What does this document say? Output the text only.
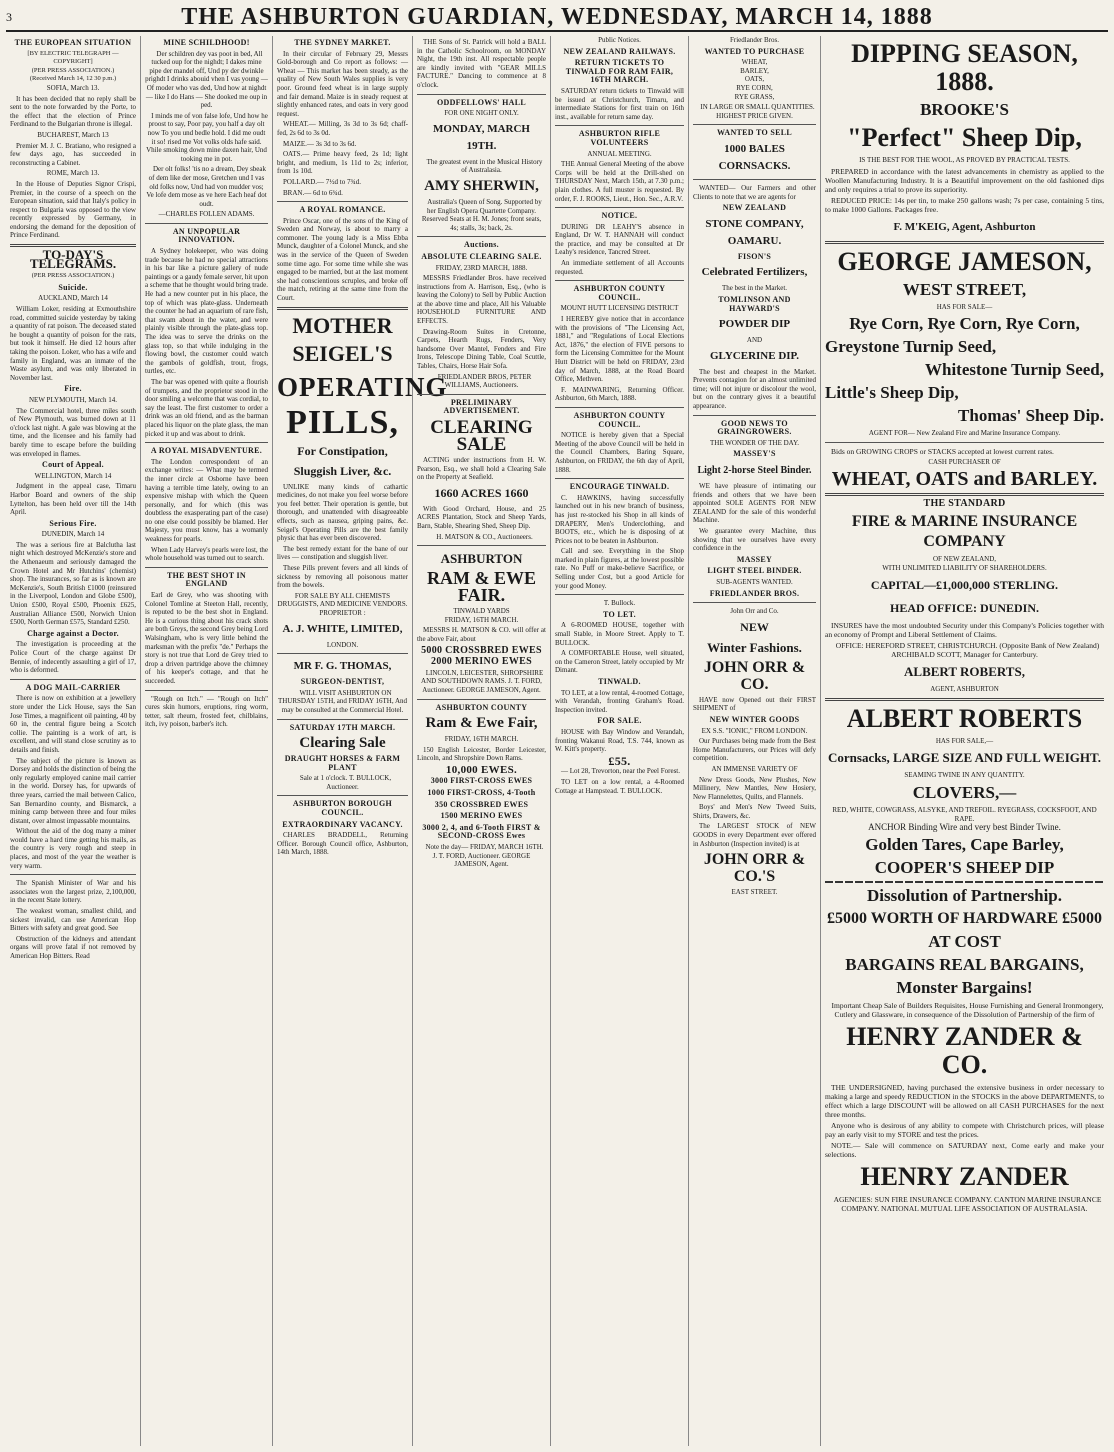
3	THE ASHBURTON GUARDIAN, WEDNESDAY, MARCH 14, 1888
THE EUROPEAN SITUATION
[BY ELECTRIC TELEGRAPH — COPYRIGHT]
(PER PRESS ASSOCIATION.)
(Received March 14, 12 30 p.m.)
SOFIA, March 13.

It has been decided that no reply shall be sent to the note forwarded by the Porte, to the effect that the election of Prince Ferdinand to the Bulgarian throne is illegal.

BUCHAREST, March 13

Premier M. J. C. Bratiano, who resigned a few days ago, has succeeded in reconstructing a Cabinet.

ROME, March 13.

In the House of Deputies Signor Crispi, Premier, in the course of a speech on the European situation, said that Italy's policy in respect to Bulgaria was opposed to the view recently expressed by Germany, in endorsing the demand for the deposition of Prince Ferdinand.

TO-DAY'S TELEGRAMS.
(PER PRESS ASSOCIATION.)
Suicide.
AUCKLAND, March 14

William Loker, residing at Exmouthshire road, committed suicide yesterday by taking a quantity of rat poison. The deceased stated he bought a quantity of poison for the rats, but took it himself. He died 12 hours after taking the poison. Loker, who has a wife and family in England, was an inmate of the Waste asylum, and was only liberated in November last.

Fire.
NEW PLYMOUTH, March 14.

The Commercial hotel, three miles south of New Plymouth, was burned down at 11 o'clock last night. A gale was blowing at the time, and the licensee and his family had barely time to escape before the building was enveloped in flames.

Court of Appeal.
WELLINGTON, March 14

Judgment in the appeal case, Timaru Harbor Board and owners of the ship Lyttelton, has been held over till the 14th April.

Serious Fire.
DUNEDIN, March 14

The was a serious fire at Balclutha last night which destroyed McKenzie's store and the Athenaeum and seriously damaged the Crown Hotel and Mr Hutchins' (chemist) shop. The insurances, so far as is known are McKenzie's, South British £1000 (reinsured in the Liverpool, London and Globe £500), Union £500, Royal £500, Phoenix £625, Australian Alliance £500, Norwich Union £500, North German £575, Standard £250.

Charge against a Doctor.

The investigation is proceeding at the Police Court of the charge against Dr Bennie, of indecently assaulting a girl of 17, who is deformed.

A DOG MAIL-CARRIER

There is now on exhibition at a jewellery store under the Lick House, says the San Jose Times, a magnificent oil painting, 40 by 60 in, the central figure being a Scotch collie. The painting is a work of art, is excellent, and will stand close scrutiny as to details and finish.

The subject of the picture is known as Dorsey and holds the distinction of being the only regularly employed canine mail carrier in the world. Dorsey has, for upwards of three years, carried the mail between Calico, San Bernardino county, and Bismarck, a mining camp between three and four miles distant, over almost impassable mountains.

Without the aid of the dog many a miner would have a hard time getting his mails, as the country is very rough and steep in places, and most of the year the weather is very warm.

The Spanish Minister of War and his associates won the largest prize, 2,100,000, in the recent State lottery.

The weakest woman, smallest child, and sickest invalid, can use American Hop Bitters with safety and great good. See

Obstruction of the kidneys and attendant organs will prove fatal if not removed by American Hop Bitters. Read

MINE SCHILDHOOD!

Der schildren dey vas poot in bed, All tucked oup for the nighdt; I dakes mine pipe der mandel off, Und py der dwinkle prighdt I drinks abouid vhen I vas young — Of moder who vas ded, Und how at nighdt — like I do Hans — She dooked me oup in ped.

I minds me of von false lofe, Und how he proost to say, Poor pay, you half a day olt now To you und bedle hold. I did me oudt it so! rised me Vot volks olds hafe said. Vhile smoking down mine daxen hair, Und tooking me in pot.

Der olt folks! 'tis no a dream, Dey sbeak of dem like der mose, Gretchen und I vas old folks now, Und had von mudder vos; Ve lofe dem mose as ve here Each heaf dot oudt.

—CHARLES FOLLEN ADAMS.
AN UNPOPULAR INNOVATION.

A Sydney holekeeper, who was doing trade because he had no special attractions in his bar like a picture gallery of nude paintings or a gaudy female server, hit upon a scheme that he thought would bring trade. He had a new counter put in his place, the top of which was plate-glass. Underneath the counter he had an aquarium of rare fish, that swam about in the water, and were plainly visible through the plate-glass top. The idea was to serve the drinks on the glass top, so that while indulging in the flowing bowl, the customer could watch the gambols of goldfish, trout, frogs, turtles, etc.

The bar was opened with quite a flourish of trumpets, and the proprietor stood in the door smiling a welcome that was cordial, to say the least. The first customer to order a drink was an old friend, and as the barman placed his liquor on the plate glass, the man picked it up and was about to drink.

A ROYAL MISADVENTURE.

The London correspondent of an exchange writes: — What may be termed the inner circle at Osborne have been having a terrible time lately, owing to an expensive mishap with which the Queen personally, and for which (this was doubtless the exasperating part of the case) no one else could possibly be blamed. Her Majesty, you must know, has a womanly weakness for pearls.

When Lady Harvey's pearls were lost, the whole household was turned out to search.

THE BEST SHOT IN ENGLAND

Earl de Grey, who was shooting with Colonel Tomline at Steeton Hall, recently, is reputed to be the best shot in England. He is a curious thing about his crack shots are both Greys, the second Grey being Lord Walsingham, who is very little behind the marksman with the prefix "de." Perhaps the story is not true that Lord de Grey tried to drop a driven partridge above the chimney of his keeper's cottage, and that he succeeded.

"Rough on Itch." — "Rough on Itch" cures skin humors, eruptions, ring worm, tetter, salt rheum, frosted feet, chilblains, itch, ivy poison, barber's itch.

THE SYDNEY MARKET.

In their circular of February 29, Messrs Gold-borough and Co report as follows: — Wheat — This market has been steady, as the quality of New South Wales supplies is very poor. Ground feed wheat is in large supply and fair demand. Maize is in steady request at slightly enhanced rates, and oats in very good request.

WHEAT.— Milling, 3s 3d to 3s 6d; chaff-fed, 2s 6d to 3s 0d.

MAIZE.— 3s 3d to 3s 6d.

OATS.— Prime heavy feed, 2s 1d; light bright, and medium, 1s 11d to 2s; inferior, from 1s 10d.

POLLARD.— 7½d to 7¾d.

BRAN.— 6d to 6¾d.

A ROYAL ROMANCE.

Prince Oscar, one of the sons of the King of Sweden and Norway, is about to marry a commoner. The young lady is a Miss Ebba Munck, daughter of a Colonel Munck, and she was in the service of the Queen of Sweden some time ago. For some time while she was engaged to be married, but at the last moment she had conscientious scruples, and broke off the match, retiring at the same time from the Court.

MOTHER
SEIGEL'S
OPERATING
PILLS,
For Constipation,
Sluggish Liver, &c.

UNLIKE many kinds of cathartic medicines, do not make you feel worse before you feel better. Their operation is gentle, but thorough, and unattended with disagreeable effects, such as nausea, griping pains, &c. Seigel's Operating Pills are the best family physic that has ever been discovered.

The best remedy extant for the bane of our lives — constipation and sluggish liver.

These Pills prevent fevers and all kinds of sickness by removing all poisonous matter from the bowels.

FOR SALE BY ALL CHEMISTS DRUGGISTS, AND MEDICINE VENDORS.
PROPRIETOR :
A. J. WHITE, LIMITED,
LONDON.
MR F. G. THOMAS,
SURGEON-DENTIST,

WILL VISIT ASHBURTON ON THURSDAY 15TH, and FRIDAY 16TH, And may be consulted at the Commercial Hotel.

SATURDAY 17TH MARCH.
Clearing Sale
DRAUGHT HORSES & FARM PLANT

Sale at 1 o'clock. T. BULLOCK, Auctioneer.

ASHBURTON BOROUGH COUNCIL.
EXTRAORDINARY VACANCY.

CHARLES BRADDELL, Returning Officer. Borough Council office, Ashburton, 14th March, 1888.

THE Sons of St. Patrick will hold a BALL in the Catholic Schoolroom, on MONDAY Night, the 19th inst. All respectable people are kindly invited with "GEAR MILLS FACTURE." Dancing to commence at 8 o'clock.

ODDFELLOWS' HALL
FOR ONE NIGHT ONLY.
MONDAY, MARCH 19TH.

The greatest event in the Musical History of Australasia.

AMY SHERWIN,

Australia's Queen of Song. Supported by her English Opera Quartette Company. Reserved Seats at H. M. Jones; front seats, 4s; stalls, 3s; back, 2s.

Auctions.
ABSOLUTE CLEARING SALE.
FRIDAY, 23RD MARCH, 1888.

MESSRS Friedlander Bros. have received instructions from A. Harrison, Esq., (who is leaving the Colony) to Sell by Public Auction at the above time and place, All his Valuable HOUSEHOLD FURNITURE AND EFFECTS.

Drawing-Room Suites in Cretonne, Carpets, Hearth Rugs, Fenders, Very handsome Over Mantel, Fenders and Fire Irons, Telescope Dining Table, Coal Scuttle, Tables, Chairs, Horse Hair Sofa.

FRIEDLANDER BROS, PETER WILLIAMS, Auctioneers.

PRELIMINARY ADVERTISEMENT.
CLEARING SALE

ACTING under instructions from H. W. Pearson, Esq., we shall hold a Clearing Sale on the Property at Seafield.

1660 ACRES 1660

With Good Orchard, House, and 25 ACRES Plantation, Stock and Sheep Yards, Barn, Stable, Shearing Shed, Sheep Dip.

H. MATSON & CO., Auctioneers.

ASHBURTON
RAM & EWE FAIR.
TINWALD YARDS
FRIDAY, 16TH MARCH.

MESSRS H. MATSON & CO. will offer at the above Fair, about

5000 CROSSBRED EWES
2000 MERINO EWES

LINCOLN, LEICESTER, SHROPSHIRE AND SOUTHDOWN RAMS. J. T. FORD, Auctioneer. GEORGE JAMESON, Agent.

ASHBURTON COUNTY
Ram & Ewe Fair,
FRIDAY, 16TH MARCH.

150 English Leicester, Border Leicester, Lincoln, and Shropshire Down Rams.

10,000 EWES.
3000 FIRST-CROSS EWES
1000 FIRST-CROSS, 4-Tooth
350 CROSSBRED EWES
1500 MERINO EWES
3000 2, 4, and 6-Tooth FIRST & SECOND-CROSS Ewes

Note the day— FRIDAY, MARCH 16TH. J. T. FORD, Auctioneer. GEORGE JAMESON, Agent.

Public Notices.
NEW ZEALAND RAILWAYS.
RETURN TICKETS TO TINWALD FOR RAM FAIR, 16TH MARCH.

SATURDAY return tickets to Tinwald will be issued at Christchurch, Timaru, and intermediate Stations for first train on 16th inst., available for return same day.

ASHBURTON RIFLE VOLUNTEERS
ANNUAL MEETING.

THE Annual General Meeting of the above Corps will be held at the Drill-shed on THURSDAY Next, March 15th, at 7.30 p.m.; plain clothes. A full muster is requested. By order, F. J. ROOKS, Lieut., Hon. Sec., A.R.V.

NOTICE.

DURING DR LEAHY'S absence in England, Dr W. T. HANNAH will conduct the practice, and may be consulted at Dr Leahy's residence, Tancred Street.

An immediate settlement of all Accounts requested.

ASHBURTON COUNTY COUNCIL.
MOUNT HUTT LICENSING DISTRICT

I HEREBY give notice that in accordance with the provisions of "The Licensing Act, 1881," and "Regulations of Local Elections Act, 1876," the election of FIVE persons to form the Licensing Committee for the Mount Hutt District will be held on FRIDAY, 23rd day of March, 1888, at the Road Board Office, Methven.

F. MAINWARING, Returning Officer. Ashburton, 6th March, 1888.

ASHBURTON COUNTY COUNCIL.

NOTICE is hereby given that a Special Meeting of the above Council will be held in the Council Chambers, Baring Square, Ashburton, on FRIDAY, the 6th day of April, 1888.

ENCOURAGE TINWALD.

C. HAWKINS, having successfully launched out in his new branch of business, has just re-stocked his Shop in all kinds of DRAPERY, Men's Underclothing, and BOOTS, etc., which he is disposing of at Prices not to be beaten in Ashburton.

Call and see. Everything in the Shop marked in plain figures, at the lowest possible rate. No Puff or make-believe Sacrifice, or Selling under Cost, but a good Article for your good Money.

T. Bullock.
TO LET.

A 6-ROOMED HOUSE, together with small Stable, in Moore Street. Apply to T. BULLOCK.

A COMFORTABLE House, well situated, on the Cameron Street, lately occupied by Mr Dimant.

TINWALD.

TO LET, at a low rental, 4-roomed Cottage, with Verandah, fronting Graham's Road. Inspection invited.

FOR SALE.

HOUSE with Bay Window and Verandah, fronting Wakanui Road, T.S. 744, known as W. Kitt's property.

£55.

— Lot 28, Trevorton, near the Peel Forest.

TO LET on a low rental, a 4-Roomed Cottage at Hampstead. T. BULLOCK.

Friedlander Bros.
WANTED TO PURCHASE
WHEAT,
BARLEY,
OATS,
RYE CORN,
RYE GRASS,

IN LARGE OR SMALL QUANTITIES. HIGHEST PRICE GIVEN.

WANTED TO SELL
1000 BALES CORNSACKS.

WANTED— Our Farmers and other Clients to note that we are agents for

NEW ZEALAND
STONE COMPANY, OAMARU.
FISON'S
Celebrated Fertilizers,
The best in the Market.
TOMLINSON AND HAYWARD'S
POWDER DIP
AND
GLYCERINE DIP.

The best and cheapest in the Market. Prevents contagion for an almost unlimited time; will not injure or discolour the wool, but on the contrary gives it a beautiful appearance.

GOOD NEWS TO GRAINGROWERS.
THE WONDER OF THE DAY.
MASSEY'S
Light 2-horse Steel Binder.

WE have pleasure of intimating our friends and others that we have been appointed SOLE AGENTS FOR NEW ZEALAND for the sale of this wonderful Machine.

We guarantee every Machine, thus showing that we ourselves have every confidence in the

MASSEY
LIGHT STEEL BINDER.
SUB-AGENTS WANTED.
FRIEDLANDER BROS.
John Orr and Co.
NEW
Winter Fashions.
JOHN ORR & CO.

HAVE now Opened out their FIRST SHIPMENT of

NEW WINTER GOODS
EX S.S. "IONIC," FROM LONDON.

Our Purchases being made from the Best Home Manufacturers, our Prices will defy competition.

AN IMMENSE VARIETY OF

New Dress Goods, New Plushes, New Millinery, New Mantles, New Hosiery, New Flannelettes, Quilts, and Flannels.

Boys' and Men's New Tweed Suits, Shirts, Drawers, &c.

The LARGEST STOCK of NEW GOODS in every Department ever offered in Ashburton (Inspection invited) is at

JOHN ORR & CO.'S
EAST STREET.
DIPPING SEASON, 1888.
BROOKE'S
"Perfect" Sheep Dip,
IS THE BEST FOR THE WOOL, AS PROVED BY PRACTICAL TESTS.

PREPARED in accordance with the latest advancements in chemistry as applied to the Woollen Manufacturing Industry. It is a Beautiful improvement on the old fashioned dips and only requires a trial to prove its superiority.

REDUCED PRICE: 14s per tin, to make 250 gallons wash; 7s per case, containing 5 tins, to make 1000 Gallons. Packages free.

F. M'KEIG, Agent, Ashburton
GEORGE JAMESON,
WEST STREET,
HAS FOR SALE—
Rye Corn, Rye Corn, Rye Corn,
Greystone Turnip Seed,
Whitestone Turnip Seed,
Little's Sheep Dip,
Thomas' Sheep Dip.
AGENT FOR— New Zealand Fire and Marine Insurance Company.

Bids on GROWING CROPS or STACKS accepted at lowest current rates.

CASH PURCHASER OF
WHEAT, OATS and BARLEY.
THE STANDARD
FIRE & MARINE INSURANCE COMPANY
OF NEW ZEALAND,
WITH UNLIMITED LIABILITY OF SHAREHOLDERS.
CAPITAL—£1,000,000 STERLING.
HEAD OFFICE: DUNEDIN.

INSURES have the most undoubted Security under this Company's Policies together with an economy of Prompt and Liberal Settlement of Claims.

OFFICE: HEREFORD STREET, CHRISTCHURCH. (Opposite Bank of New Zealand) ARCHIBALD SCOTT, Manager for Canterbury.

ALBERT ROBERTS,
AGENT, ASHBURTON
ALBERT ROBERTS
HAS FOR SALE,—
Cornsacks, LARGE SIZE AND FULL WEIGHT.
SEAMING TWINE IN ANY QUANTITY.
CLOVERS,—
RED, WHITE, COWGRASS, ALSYKE, AND TREFOIL. RYEGRASS, COCKSFOOT, AND RAPE.
ANCHOR Binding Wire and very best Binder Twine.
Golden Tares, Cape Barley,
COOPER'S SHEEP DIP
Dissolution of Partnership.
£5000 WORTH OF HARDWARE £5000
AT COST
BARGAINS REAL BARGAINS,
Monster Bargains!

Important Cheap Sale of Builders Requisites, House Furnishing and General Ironmongery, Cutlery and Glassware, in consequence of the Dissolution of Partnership of the firm of

HENRY ZANDER & CO.

THE UNDERSIGNED, having purchased the extensive business in order necessary to making a large and speedy REDUCTION in the STOCKS in the above DEPARTMENTS, to effect which a large DISCOUNT will be allowed on all CASH PURCHASES for the next three months.

Anyone who is desirous of any ability to compete with Christchurch prices, will please pay an early visit to my STORE and test the prices.

NOTE.— Sale will commence on SATURDAY next, Come early and make your selections.

HENRY ZANDER

AGENCIES: SUN FIRE INSURANCE COMPANY. CANTON MARINE INSURANCE COMPANY. NATIONAL MUTUAL LIFE ASSOCIATION OF AUSTRALASIA.
